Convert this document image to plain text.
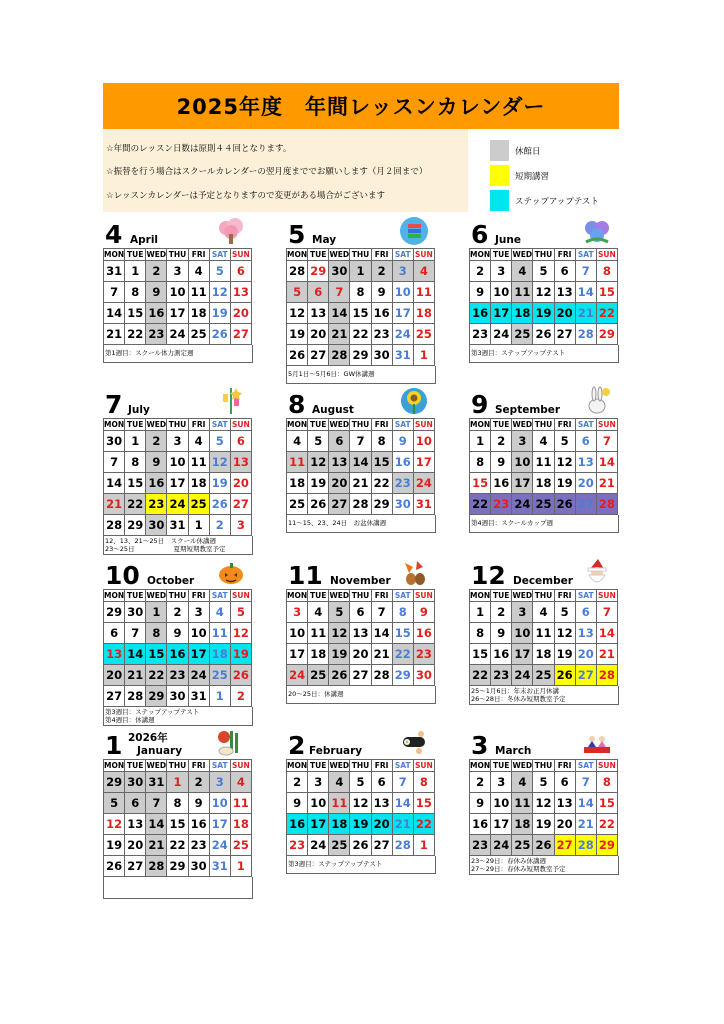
2025年度　年間レッスンカレンダー
☆年間のレッスン日数は原則４４回となります。
☆振替を行う場合はスクールカレンダーの翌月度まででお願いします（月２回まで）
☆レッスンカレンダーは予定となりますので変更がある場合がございます
休館日
短期講習
ステップアップテスト
4 April
MON	TUE	WED	THU	FRI	SAT	SUN
31	1	2	3	4	5	6
7	8	9	10	11	12	13
14	15	16	17	18	19	20
21	22	23	24	25	26	27
第1週目：スクール体力測定週
5 May
MON	TUE	WED	THU	FRI	SAT	SUN
28	29	30	1	2	3	4
5	6	7	8	9	10	11
12	13	14	15	16	17	18
19	20	21	22	23	24	25
26	27	28	29	30	31	1
5月1日～5月6日：GW休講週
6 June
MON	TUE	WED	THU	FRI	SAT	SUN
2	3	4	5	6	7	8
9	10	11	12	13	14	15
16	17	18	19	20	21	22
23	24	25	26	27	28	29
第3週目：ステップアップテスト
7 July
MON	TUE	WED	THU	FRI	SAT	SUN
30	1	2	3	4	5	6
7	8	9	10	11	12	13
14	15	16	17	18	19	20
21	22	23	24	25	26	27
28	29	30	31	1	2	3
12、13、21～25日　スクール休講週
23～25日　　　　　　夏期短期教室予定
8 August
MON	TUE	WED	THU	FRI	SAT	SUN
4	5	6	7	8	9	10
11	12	13	14	15	16	17
18	19	20	21	22	23	24
25	26	27	28	29	30	31
11～15、23、24日　お盆休講週
9 September
MON	TUE	WED	THU	FRI	SAT	SUN
1	2	3	4	5	6	7
8	9	10	11	12	13	14
15	16	17	18	19	20	21
22	23	24	25	26	27	28
第4週目：スクールカップ週
10 October
MON	TUE	WED	THU	FRI	SAT	SUN
29	30	1	2	3	4	5
6	7	8	9	10	11	12
13	14	15	16	17	18	19
20	21	22	23	24	25	26
27	28	29	30	31	1	2
第3週目：ステップアップテスト
第4週目：休講週
11 November
MON	TUE	WED	THU	FRI	SAT	SUN
3	4	5	6	7	8	9
10	11	12	13	14	15	16
17	18	19	20	21	22	23
24	25	26	27	28	29	30
20～25日：休講週
12 December
MON	TUE	WED	THU	FRI	SAT	SUN
1	2	3	4	5	6	7
8	9	10	11	12	13	14
15	16	17	18	19	20	21
22	23	24	25	26	27	28
25～1月6日：年末お正月休講
26～28日：冬休み短期教室予定
1 January
2026年
MON	TUE	WED	THU	FRI	SAT	SUN
29	30	31	1	2	3	4
5	6	7	8	9	10	11
12	13	14	15	16	17	18
19	20	21	22	23	24	25
26	27	28	29	30	31	1
2 February
MON	TUE	WED	THU	FRI	SAT	SUN
2	3	4	5	6	7	8
9	10	11	12	13	14	15
16	17	18	19	20	21	22
23	24	25	26	27	28	1
第3週目：ステップアップテスト
3 March
MON	TUE	WED	THU	FRI	SAT	SUN
2	3	4	5	6	7	8
9	10	11	12	13	14	15
16	17	18	19	20	21	22
23	24	25	26	27	28	29
23～29日：春休み休講週
27～29日：春休み短期教室予定
